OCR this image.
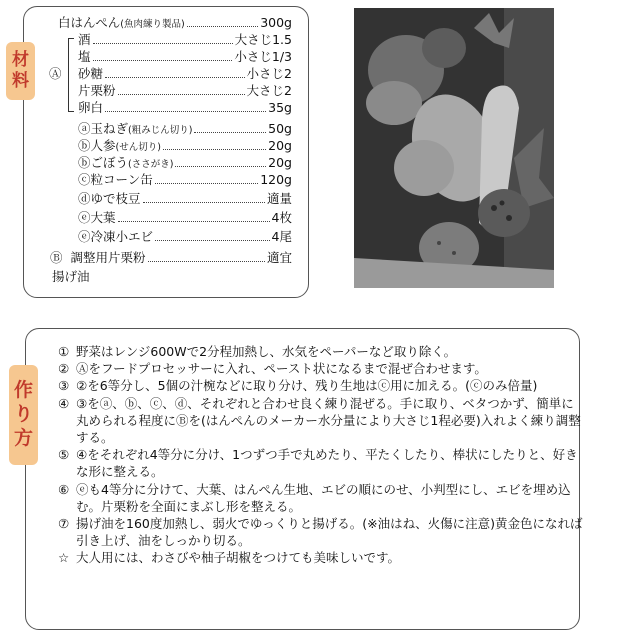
材
料
白はんぺん (魚肉練り製品)	300g
Ⓐ
酒	大さじ1.5
塩	小さじ1/3
砂糖	小さじ2
片栗粉	大さじ2
卵白	35g
ⓐ 玉ねぎ (粗みじん切り)	50g
ⓑ 人参 (せん切り)	20g
ⓑ ごぼう (ささがき)	20g
ⓒ 粒コーン缶	120g
ⓓ ゆで枝豆	適量
ⓔ 大葉	4枚
ⓔ 冷凍小エビ	4尾
Ⓑ 調整用片栗粉	適宜
揚げ油
作
り
方
① 野菜はレンジ600Wで2分程加熱し、水気をペーパーなど取り除く。
② Ⓐをフードプロセッサーに入れ、ペースト状になるまで混ぜ合わせます。
③ ②を6等分し、5個の汁椀などに取り分け、残り生地はⓒ用に加える。(ⓒのみ倍量)
④ ③をⓐ、ⓑ、ⓒ、ⓓ、それぞれと合わせ良く練り混ぜる。手に取り、ベタつかず、簡単に丸められる程度にⒷを(はんぺんのメーカー水分量により大さじ1程必要)入れよく練り調整する。
⑤ ④をそれぞれ4等分に分け、1つずつ手で丸めたり、平たくしたり、棒状にしたりと、好きな形に整える。
⑥ ⓔも4等分に分けて、大葉、はんぺん生地、エビの順にのせ、小判型にし、エビを埋め込む。片栗粉を全面にまぶし形を整える。
⑦ 揚げ油を160度加熱し、弱火でゆっくりと揚げる。(※油はね、火傷に注意)黄金色になれば引き上げ、油をしっかり切る。
☆ 大人用には、わさびや柚子胡椒をつけても美味しいです。
